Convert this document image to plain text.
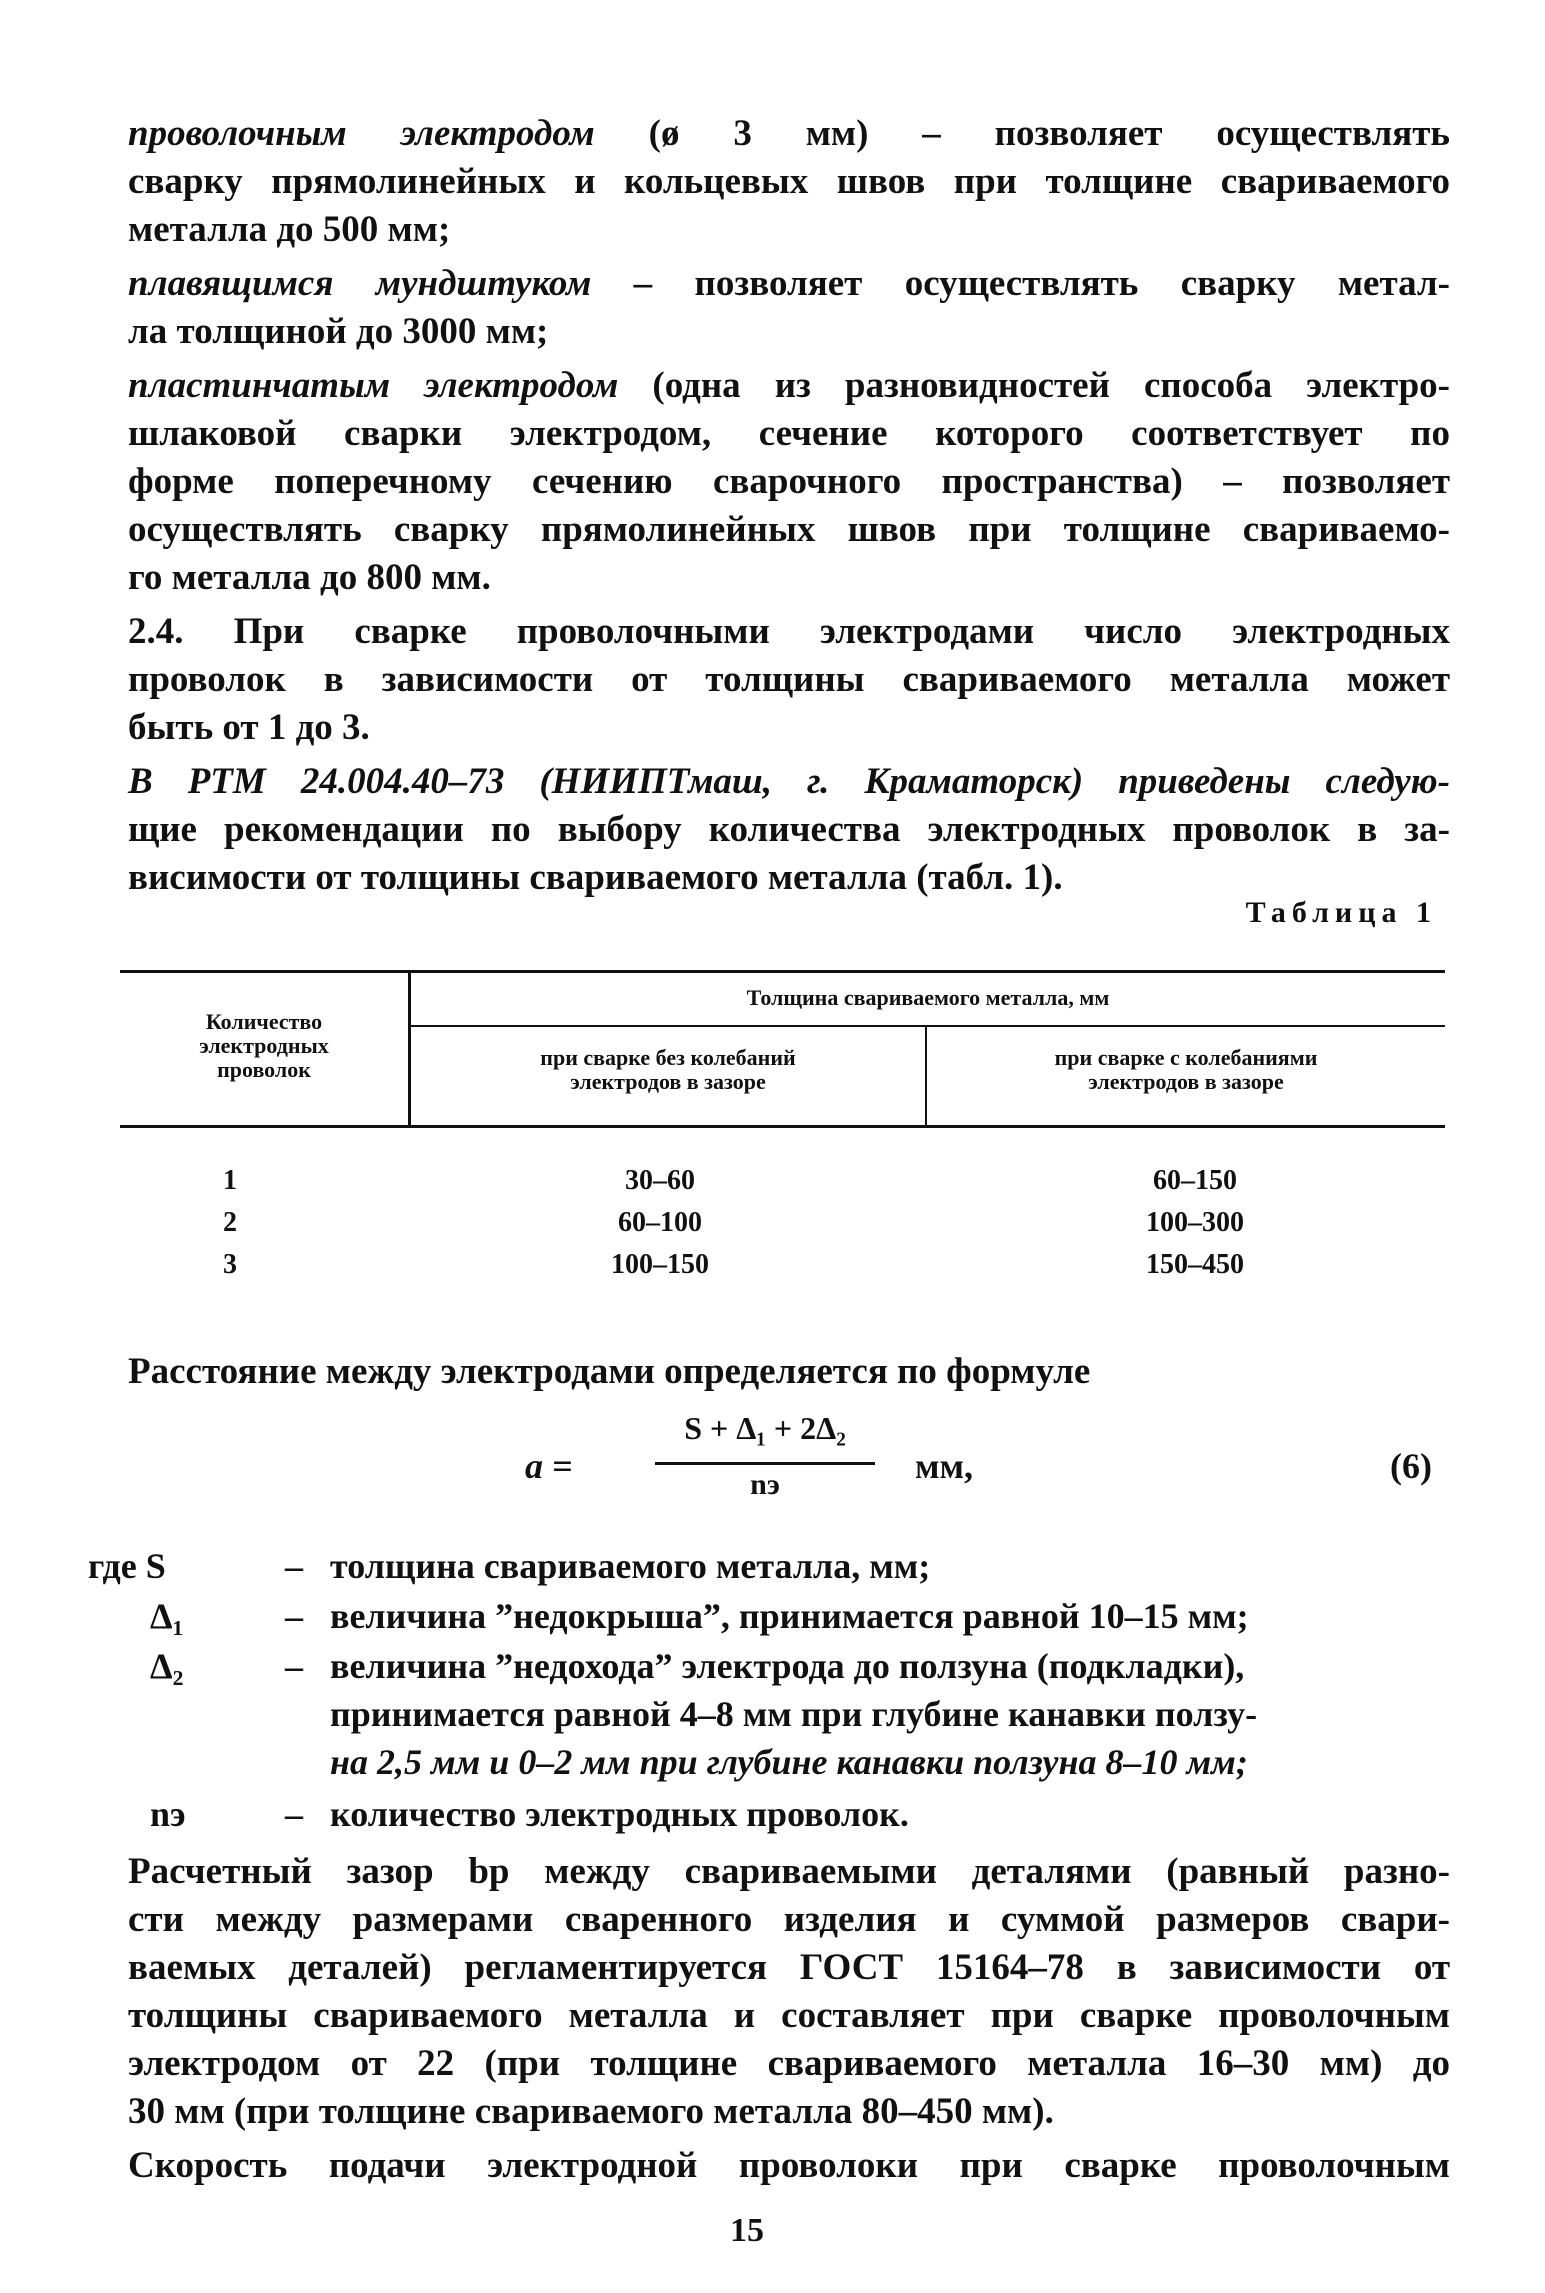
проволочным электродом (ø 3 мм) – позволяет осуществлять
сварку прямолинейных и кольцевых швов при толщине свариваемого
металла до 500 мм;
плавящимся мундштуком – позволяет осуществлять сварку метал-
ла толщиной до 3000 мм;
пластинчатым электродом (одна из разновидностей способа электро-
шлаковой сварки электродом, сечение которого соответствует по
форме поперечному сечению сварочного пространства) – позволяет
осуществлять сварку прямолинейных швов при толщине сваривaемо-
го металла до 800 мм.
2.4. При сварке проволочными электродами число электродных
проволок в зависимости от толщины свариваемого металла может
быть от 1 до 3.
В РТМ 24.004.40–73 (НИИПТмаш, г. Краматорск) приведены следую-
щие рекомендации по выбору количества электродных проволок в за-
висимости от толщины свариваемого металла (табл. 1).
Таблица 1
Количество
электродных
проволок
Толщина свариваемого металла, мм
при сварке без колебаний
электродов в зазоре
при сварке с колебаниями
электродов в зазоре
1	30–60	60–150
2	60–100	100–300
3	100–150	150–450
Расстояние между электродами определяется по формуле
a =
S + Δ₁ + 2Δ₂
nэ	мм,	(6)
где S	– толщина свариваемого металла, мм;
Δ₁	– величина ”недокрыша”, принимается равной 10–15 мм;
Δ₂	– величина ”недохода” электрода до ползуна (подкладки),
принимается равной 4–8 мм при глубине канавки ползу-
на 2,5 мм и 0–2 мм при глубине канавки ползуна 8–10 мм;
nэ	– количество электродных проволок.
Расчетный зазор bр между свариваемыми деталями (равный разно-
сти между размерами сваренного изделия и суммой размеров свари-
ваемых деталей) регламентируется ГОСТ 15164–78 в зависимости от
толщины свариваемого металла и составляет при сварке проволочным
электродом от 22 (при толщине свариваемого металла 16–30 мм) до
30 мм (при толщине свариваемого металла 80–450 мм).
Скорость подачи электродной проволоки при сварке проволочным
15
